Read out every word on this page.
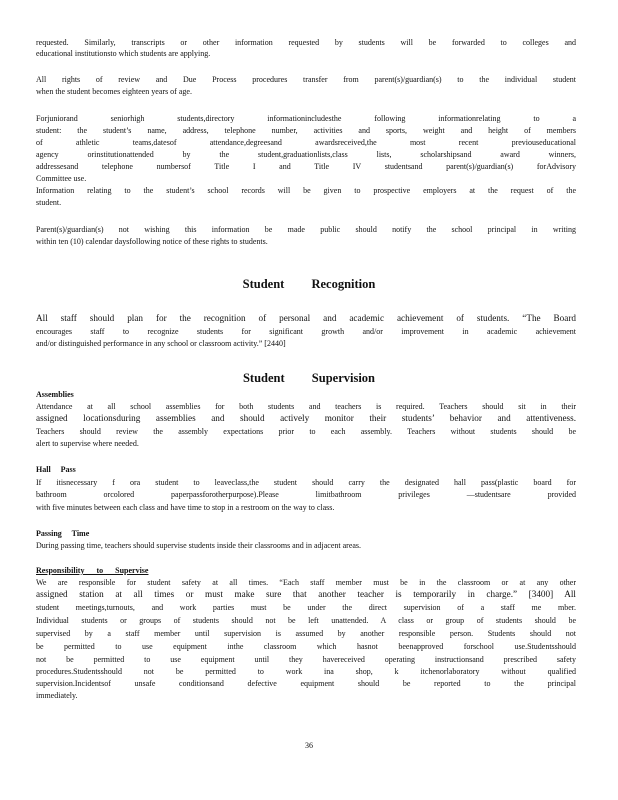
requested. Similarly, transcripts or other information requested by students will be forwarded to colleges and
educational institutionsto which students are applying.
All rights of review and Due Process procedures transfer from parent(s)/guardian(s) to the individual student
when the student becomes eighteen years of age.
Forjuniorand seniorhigh students,directory informationincludesthe following informationrelating to a
student: the student’s name, address, telephone number, activities and sports, weight and height of members
of athletic teams,datesof attendance,degreesand awardsreceived,the most recent previouseducational
agency orinstitutionattended by the student,graduationlists,class lists, scholarshipsand award winners,
addressesand telephone numbersof Title I and Title IV studentsand parent(s)/guardian(s) forAdvisory
Committee use.
Information relating to the student’s school records will be given to prospective employers at the request of the
student.
Parent(s)/guardian(s) not wishing this information be made public should notify the school principal in writing
within ten (10) calendar daysfollowing notice of these rights to students.
Student Recognition
All staff should plan for the recognition of personal and academic achievement of students. “The Board
encourages staff to recognize students for significant growth and/or improvement in academic achievement
and/or distinguished performance in any school or classroom activity.” [2440]
Student Supervision
Assemblies
Attendance at all school assemblies for both students and teachers is required. Teachers should sit in their
assigned locationsduring assemblies and should actively monitor their students’ behavior and attentiveness.
Teachers should review the assembly expectations prior to each assembly. Teachers without students should be
alert to supervise where needed.
Hall Pass
If itisnecessary f ora student to leaveclass,the student should carry the designated hall pass(plastic board for
bathroom orcolored paperpassforotherpurpose).Please limitbathroom privileges —studentsare provided
with five minutes between each class and have time to stop in a restroom on the way to class.
Passing Time
During passing time, teachers should supervise students inside their classrooms and in adjacent areas.
Responsibility to Supervise
We are responsible for student safety at all times. “Each staff member must be in the classroom or at any other
assigned station at all times or must make sure that another teacher is temporarily in charge.” [3400] All
student meetings,turnouts, and work parties must be under the direct supervision of a staff me mber.
Individual students or groups of students should not be left unattended. A class or group of students should be
supervised by a staff member until supervision is assumed by another responsible person. Students should not
be permitted to use equipment inthe classroom which hasnot beenapproved forschool use.Studentsshould
not be permitted to use equipment until they havereceived operating instructionsand prescribed safety
procedures.Studentsshould not be permitted to work ina shop, k itchenorlaboratory without qualified
supervision.Incidentsof unsafe conditionsand defective equipment should be reported to the principal
immediately.
36
